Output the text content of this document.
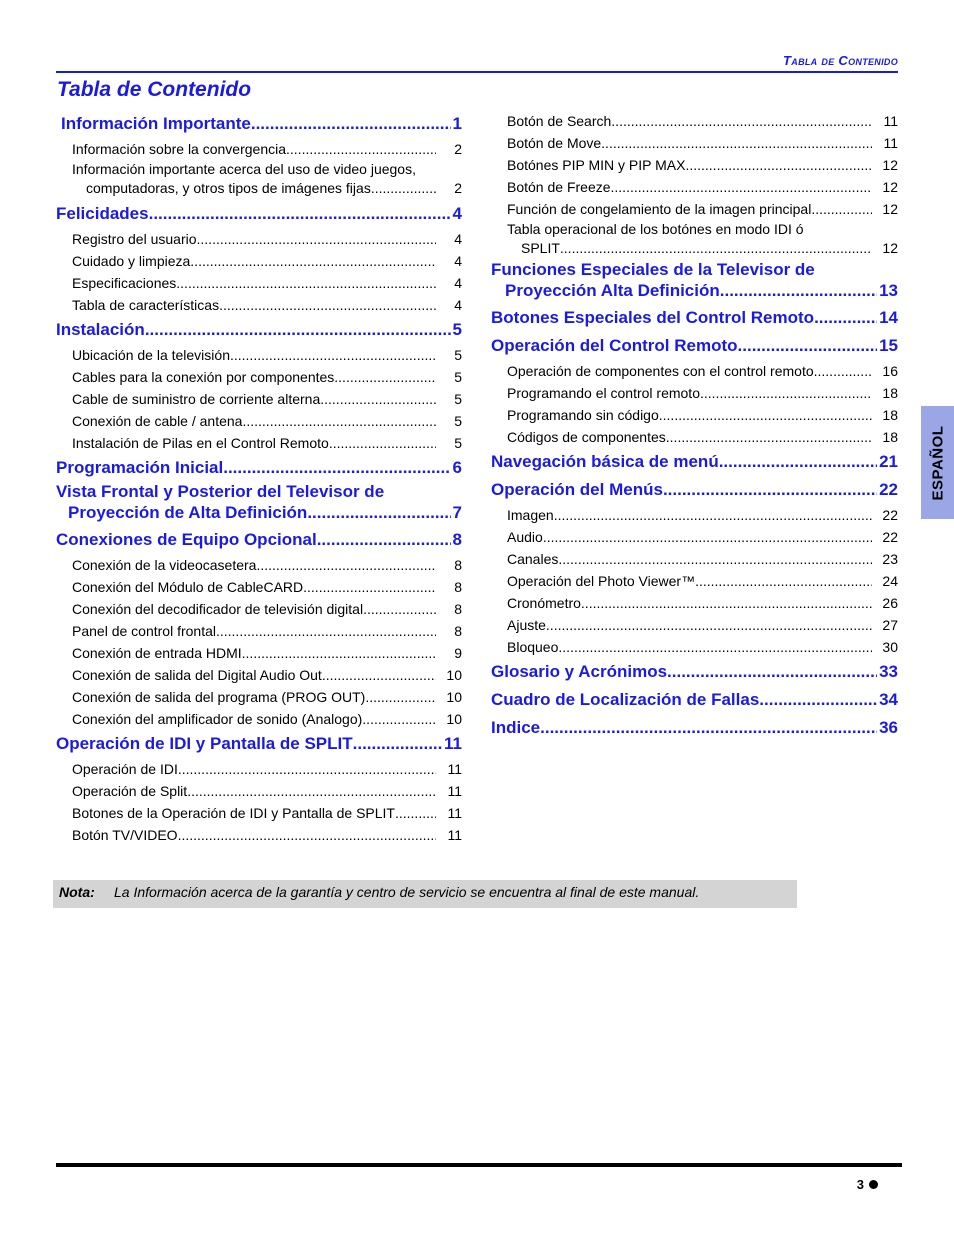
Tabla de Contenido
Tabla de Contenido
Información Importante .....	1
Información sobre la convergencia .....	2
Información importante acerca del uso de video juegos,
computadoras, y otros tipos de imágenes fijas .....	2
Felicidades .....	4
Registro del usuario .....	4
Cuidado y limpieza .....	4
Especificaciones .....	4
Tabla de características .....	4
Instalación .....	5
Ubicación de la televisión .....	5
Cables para la conexión por componentes .....	5
Cable de suministro de corriente alterna .....	5
Conexión de cable / antena .....	5
Instalación de Pilas en el Control Remoto .....	5
Programación Inicial .....	6
Vista Frontal y Posterior del Televisor de
Proyección de Alta Definición .....	7
Conexiones de Equipo Opcional .....	8
Conexión de la videocasetera .....	8
Conexión del Módulo de CableCARD .....	8
Conexión del decodificador de televisión digital .....	8
Panel de control frontal .....	8
Conexión de entrada HDMI .....	9
Conexión de salida del Digital Audio Out .....	10
Conexión de salida del programa (PROG OUT) .....	10
Conexión del amplificador de sonido (Analogo) .....	10
Operación de IDI y Pantalla de SPLIT .....	11
Operación de IDI .....	11
Operación de Split .....	11
Botones de la Operación de IDI y Pantalla de SPLIT .....	11
Botón TV/VIDEO .....	11
Botón de Search .....	11
Botón de Move .....	11
Botónes PIP MIN y PIP MAX .....	12
Botón de Freeze .....	12
Función de congelamiento de la imagen principal .....	12
Tabla operacional de los botónes en modo IDI ó
SPLIT .....	12
Funciones Especiales de la Televisor de
Proyección Alta Definición .....	13
Botones Especiales del Control Remoto .....	14
Operación del Control Remoto .....	15
Operación de componentes con el control remoto .....	16
Programando el control remoto .....	18
Programando sin código .....	18
Códigos de componentes .....	18
Navegación básica de menú .....	21
Operación del Menús .....	22
Imagen .....	22
Audio .....	22
Canales .....	23
Operación del Photo Viewer™ .....	24
Cronómetro .....	26
Ajuste .....	27
Bloqueo .....	30
Glosario y Acrónimos .....	33
Cuadro de Localización de Fallas .....	34
Indice .....	36
Nota: La Información acerca de la garantía y centro de servicio se encuentra al final de este manual.
ESPAÑOL
3
